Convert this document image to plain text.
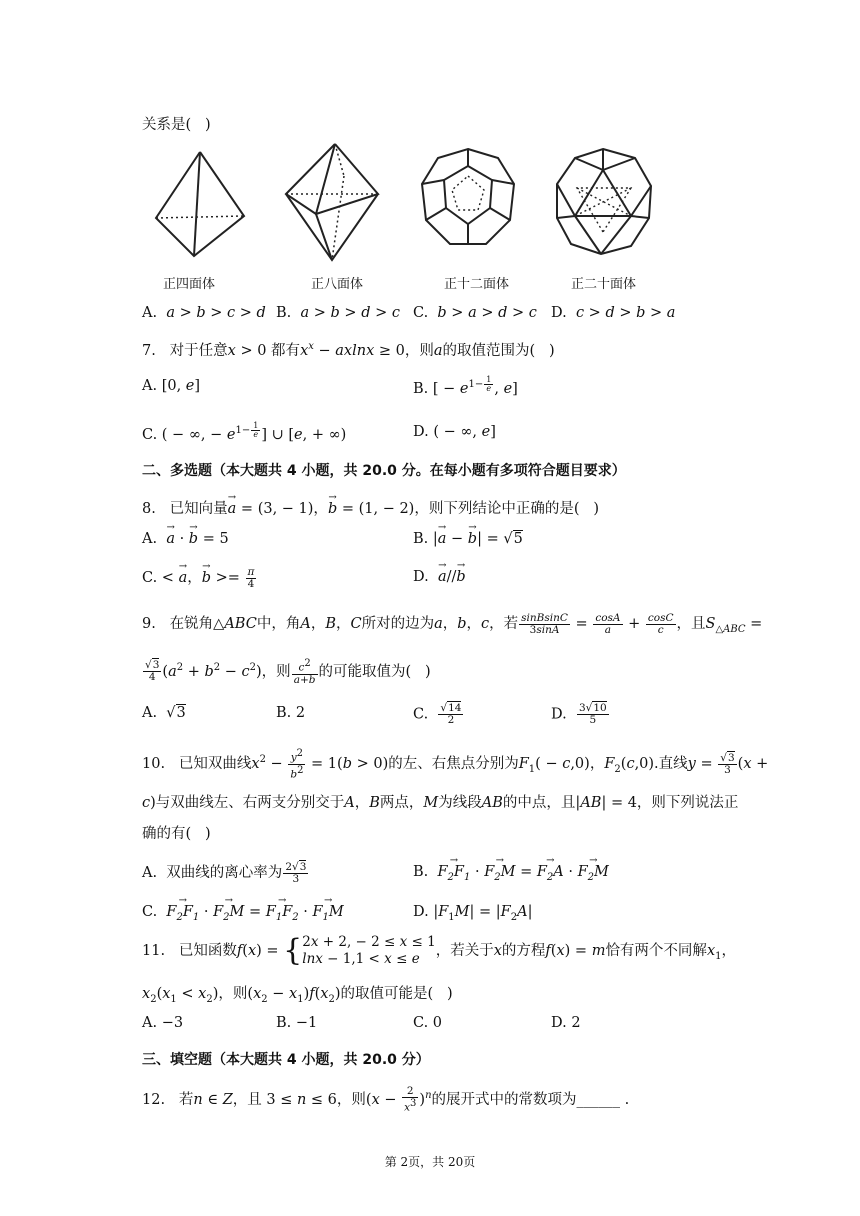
关系是(   )
正四面体	正八面体	正十二面体	正二十面体
A.  a > b > c > d B.  a > b > d > c C.  b > a > d > c D.  c > d > b > a
7.   对于任意x > 0 都有$x^x - axlnx \ge 0$，则a的取值范围为(   )
A. [0, e]	B. [ − $e^{1- \frac{1}{e}}$ , e]
C. ( − ∞, − $e^{1- \frac{1}{e}}$ ] ∪ [e, + ∞)	D. ( − ∞, e]
二、多选题（本大题共 4 小题，共 20.0 分。在每小题有多项符合题目要求）
8.   已知向量→ a = (3, − 1)，→ b = (1, − 2)，则下列结论中正确的是(   )
A.  → a · → b = 5	B. |→ a − → b| = √5
C. < → a，→ $b >= \frac{\pi}{4}$	D.  → a//→ b
9.   在锐角△ABC中，角A，B，C所对的边为a，b，c，若 $\frac{\text{sinBsinC}}{3\sin A} = \frac{\cos A}{a} + \frac{\cos C}{c}$ ，且$S_{\triangle ABC}$ =
$\frac{√3}{4} (a^2 + b^2 - c^2)$，则 $\frac{c^2}{a+b}$ 的可能取值为(   )
A.  √3	B. 2	C. $\frac{√14}{2}$	D. $\frac{3√10}{5}$
10.   已知双曲线$x^2 - \frac{y^2}{b^2} = 1(b > 0)$的左、右焦点分别为$F_1( - c,0)$，$F_2(c,0)$.直线$y = \frac{√3}{3} (x$ +
c)与双曲线左、右两支分别交于A，B两点，M为线段AB的中点，且|AB| = 4，则下列说法正
确的有(   )
A.  双曲线的离心率为 $\frac{2√3}{3}$	B.  → $F_2F_1$ · → $F_2M$ = → $F_2A$ · → $F_2M$
C.  → $F_2F_1$ · → $F_2M$ = → $F_1F_2$ · → $F_1M$	D. $|F_1M| = |F_2A|$
11.   已知函数f(x) = {2x + 2, − 2 ≤ x ≤ 1
lnx − 1,1 < x ≤ e ，若关于x的方程f(x) = m恰有两个不同解$x_1$，
$x_2(x_1 < x_2)$，则$(x_2 - x_1)f(x_2)$的取值可能是(   )
A. −3	B. −1	C. 0	D. 2
三、填空题（本大题共 4 小题，共 20.0 分）
12.   若n ∈ Z，且 3 ≤ n ≤ 6，则$(x - \frac{2}{x^3} )^n$的展开式中的常数项为______ .
第 2页，共 20页
